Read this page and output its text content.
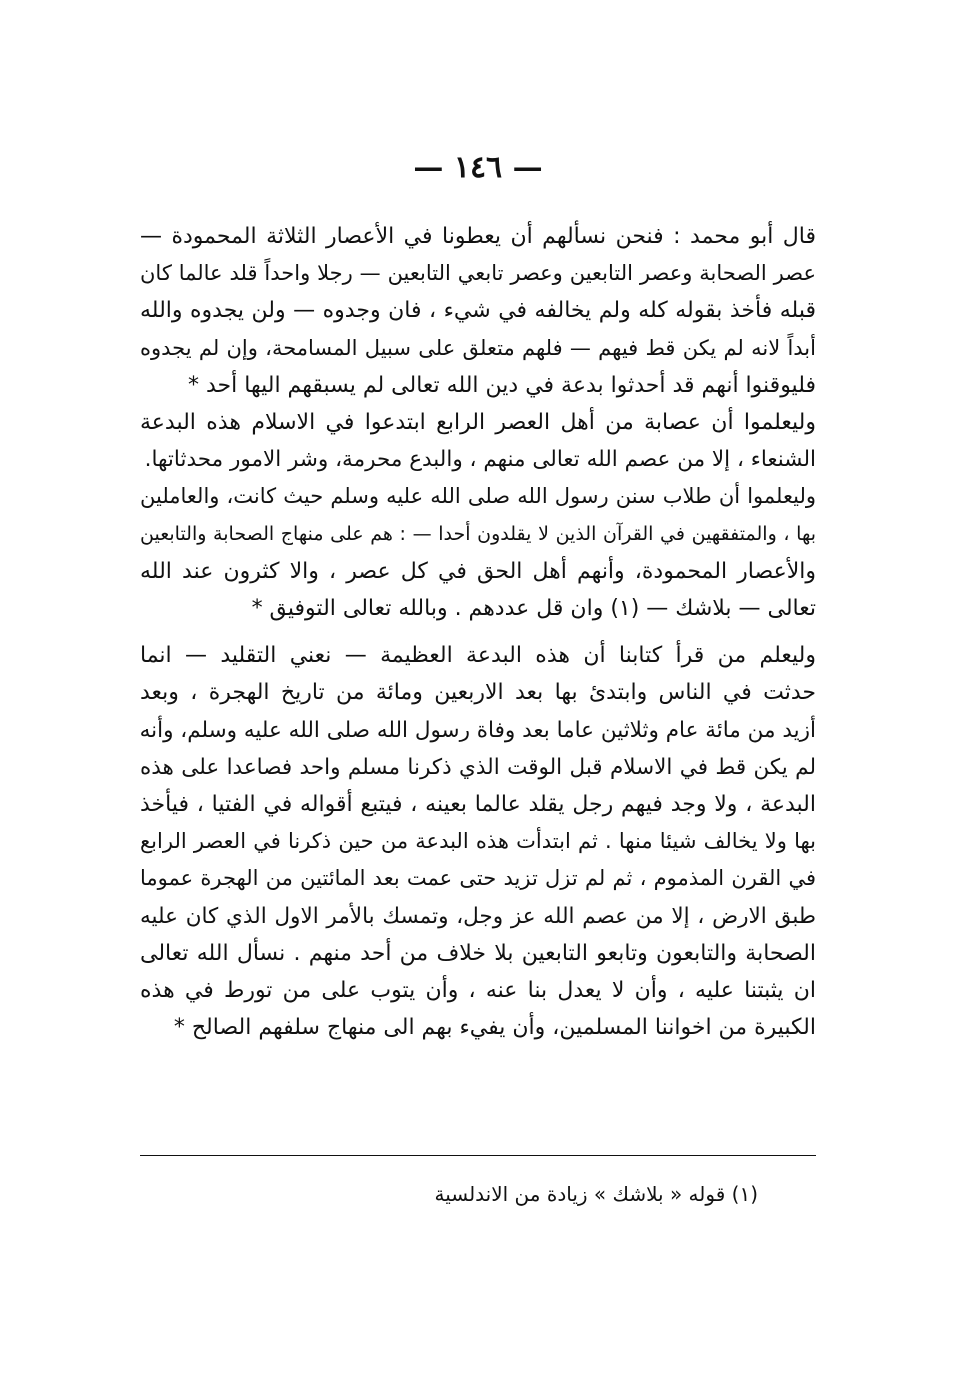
— ١٤٦ —
قال أبو محمد : فنحن نسألهم أن يعطونا في الأعصار الثلاثة المحمودة —
عصر الصحابة وعصر التابعين وعصر تابعي التابعين — رجلا واحداً قلد عالما كان
قبله فأخذ بقوله كله ولم يخالفه في شيء ، فان وجدوه — ولن يجدوه والله
أبداً لانه لم يكن قط فيهم — فلهم متعلق على سبيل المسامحة، وإن لم يجدوه
فليوقنوا أنهم قد أحدثوا بدعة في دين الله تعالى لم يسبقهم اليها أحد *
وليعلموا أن عصابة من أهل العصر الرابع ابتدعوا في الاسلام هذه البدعة
الشنعاء ، إلا من عصم الله تعالى منهم ، والبدع محرمة، وشر الامور محدثاتها.
وليعلموا أن طلاب سنن رسول الله صلى الله عليه وسلم حيث كانت، والعاملين
بها ، والمتفقهين في القرآن الذين لا يقلدون أحدا — : هم على منهاج الصحابة والتابعين
والأعصار المحمودة، وأنهم أهل الحق في كل عصر ، والا كثرون عند الله
تعالى — بلاشك — (١) وان قل عددهم . وبالله تعالى التوفيق *
وليعلم من قرأ كتابنا أن هذه البدعة العظيمة — نعني التقليد — انما
حدثت في الناس وابتدئ بها بعد الاربعين ومائة من تاريخ الهجرة ، وبعد
أزيد من مائة عام وثلاثين عاما بعد وفاة رسول الله صلى الله عليه وسلم، وأنه
لم يكن قط في الاسلام قبل الوقت الذي ذكرنا مسلم واحد فصاعدا على هذه
البدعة ، ولا وجد فيهم رجل يقلد عالما بعينه ، فيتبع أقواله في الفتيا ، فيأخذ
بها ولا يخالف شيئا منها . ثم ابتدأت هذه البدعة من حين ذكرنا في العصر الرابع
في القرن المذموم ، ثم لم تزل تزيد حتى عمت بعد المائتين من الهجرة عموما
طبق الارض ، إلا من عصم الله عز وجل، وتمسك بالأمر الاول الذي كان عليه
الصحابة والتابعون وتابعو التابعين بلا خلاف من أحد منهم . نسأل الله تعالى
ان يثبتنا عليه ، وأن لا يعدل بنا عنه ، وأن يتوب على من تورط في هذه
الكبيرة من اخواننا المسلمين، وأن يفيء بهم الى منهاج سلفهم الصالح *
(١) قوله « بلاشك » زيادة من الاندلسية
